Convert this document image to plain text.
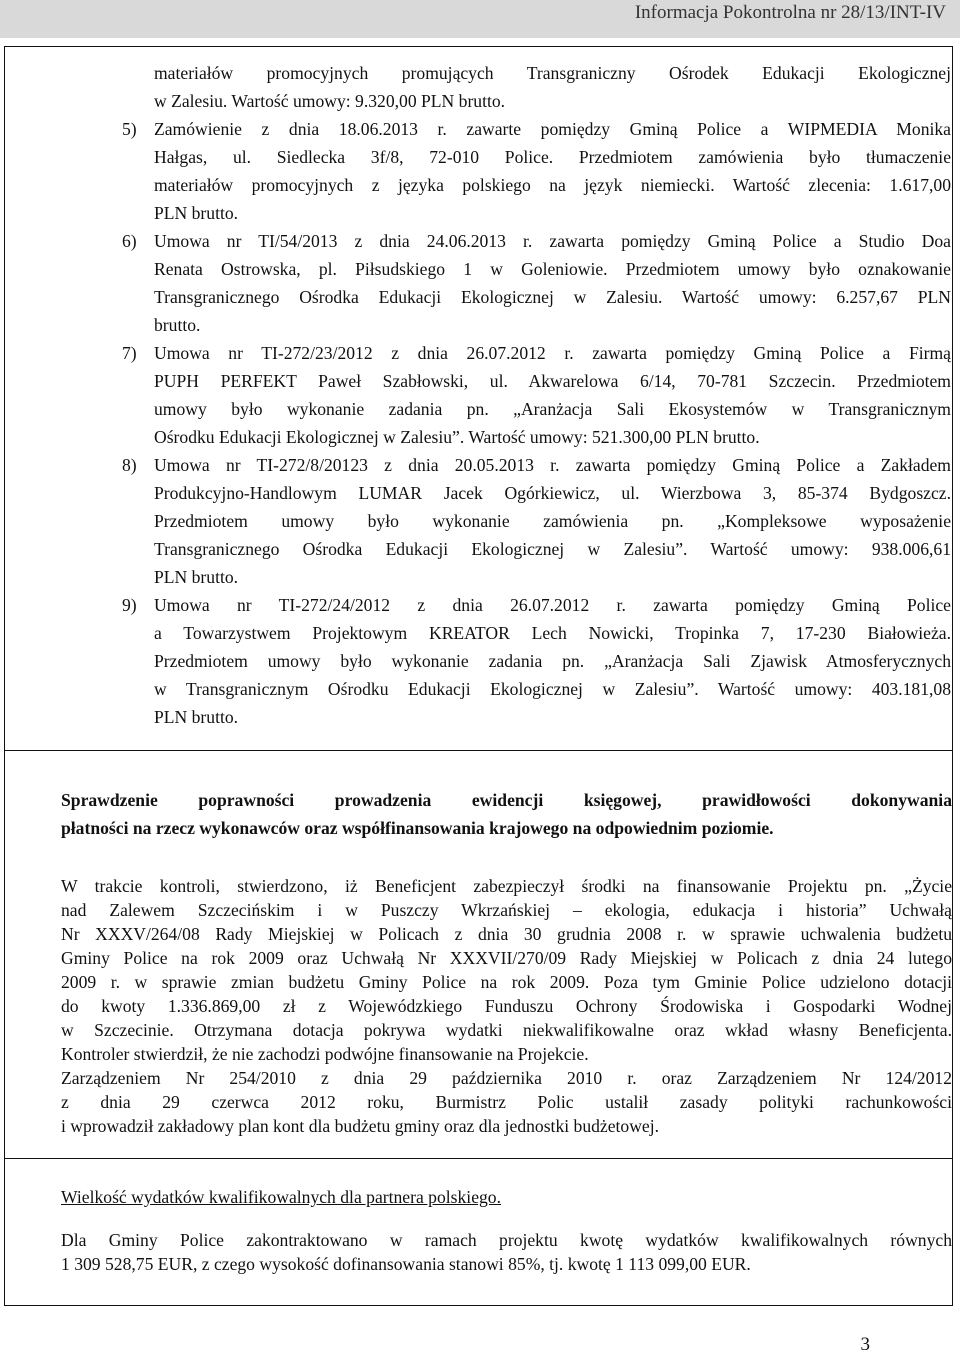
Informacja Pokontrolna nr 28/13/INT-IV
materiałów promocyjnych promujących Transgraniczny Ośrodek Edukacji Ekologicznej
w Zalesiu. Wartość umowy: 9.320,00 PLN brutto.
5) Zamówienie z dnia 18.06.2013 r. zawarte pomiędzy Gminą Police a WIPMEDIA Monika
Hałgas, ul. Siedlecka 3f/8, 72-010 Police. Przedmiotem zamówienia było tłumaczenie
materiałów promocyjnych z języka polskiego na język niemiecki. Wartość zlecenia: 1.617,00
PLN brutto.
6) Umowa nr TI/54/2013 z dnia 24.06.2013 r. zawarta pomiędzy Gminą Police a Studio Doa
Renata Ostrowska, pl. Piłsudskiego 1 w Goleniowie. Przedmiotem umowy było oznakowanie
Transgranicznego Ośrodka Edukacji Ekologicznej w Zalesiu. Wartość umowy: 6.257,67 PLN
brutto.
7) Umowa nr TI-272/23/2012 z dnia 26.07.2012 r. zawarta pomiędzy Gminą Police a Firmą
PUPH PERFEKT Paweł Szabłowski, ul. Akwarelowa 6/14, 70-781 Szczecin. Przedmiotem
umowy było wykonanie zadania pn. „Aranżacja Sali Ekosystemów w Transgranicznym
Ośrodku Edukacji Ekologicznej w Zalesiu”. Wartość umowy: 521.300,00 PLN brutto.
8) Umowa nr TI-272/8/20123 z dnia 20.05.2013 r. zawarta pomiędzy Gminą Police a Zakładem
Produkcyjno-Handlowym LUMAR Jacek Ogórkiewicz, ul. Wierzbowa 3, 85-374 Bydgoszcz.
Przedmiotem umowy było wykonanie zamówienia pn. „Kompleksowe wyposażenie
Transgranicznego Ośrodka Edukacji Ekologicznej w Zalesiu”. Wartość umowy: 938.006,61
PLN brutto.
9) Umowa nr TI-272/24/2012 z dnia 26.07.2012 r. zawarta pomiędzy Gminą Police
a Towarzystwem Projektowym KREATOR Lech Nowicki, Tropinka 7, 17-230 Białowieża.
Przedmiotem umowy było wykonanie zadania pn. „Aranżacja Sali Zjawisk Atmosferycznych
w Transgranicznym Ośrodku Edukacji Ekologicznej w Zalesiu”. Wartość umowy: 403.181,08
PLN brutto.
Sprawdzenie poprawności prowadzenia ewidencji księgowej, prawidłowości dokonywania
płatności na rzecz wykonawców oraz współfinansowania krajowego na odpowiednim poziomie.
W trakcie kontroli, stwierdzono, iż Beneficjent zabezpieczył środki na finansowanie Projektu pn. „Życie
nad Zalewem Szczecińskim i w Puszczy Wkrzańskiej – ekologia, edukacja i historia” Uchwałą
Nr XXXV/264/08 Rady Miejskiej w Policach z dnia 30 grudnia 2008 r. w sprawie uchwalenia budżetu
Gminy Police na rok 2009 oraz Uchwałą Nr XXXVII/270/09 Rady Miejskiej w Policach z dnia 24 lutego
2009 r. w sprawie zmian budżetu Gminy Police na rok 2009. Poza tym Gminie Police udzielono dotacji
do kwoty 1.336.869,00 zł z Wojewódzkiego Funduszu Ochrony Środowiska i Gospodarki Wodnej
w Szczecinie. Otrzymana dotacja pokrywa wydatki niekwalifikowalne oraz wkład własny Beneficjenta.
Kontroler stwierdził, że nie zachodzi podwójne finansowanie na Projekcie.
Zarządzeniem Nr 254/2010 z dnia 29 października 2010 r. oraz Zarządzeniem Nr 124/2012
z dnia 29 czerwca 2012 roku, Burmistrz Polic ustalił zasady polityki rachunkowości
i wprowadził zakładowy plan kont dla budżetu gminy oraz dla jednostki budżetowej.
Wielkość wydatków kwalifikowalnych dla partnera polskiego.
Dla Gminy Police zakontraktowano w ramach projektu kwotę wydatków kwalifikowalnych równych
1 309 528,75 EUR, z czego wysokość dofinansowania stanowi 85%, tj. kwotę 1 113 099,00 EUR.
3
